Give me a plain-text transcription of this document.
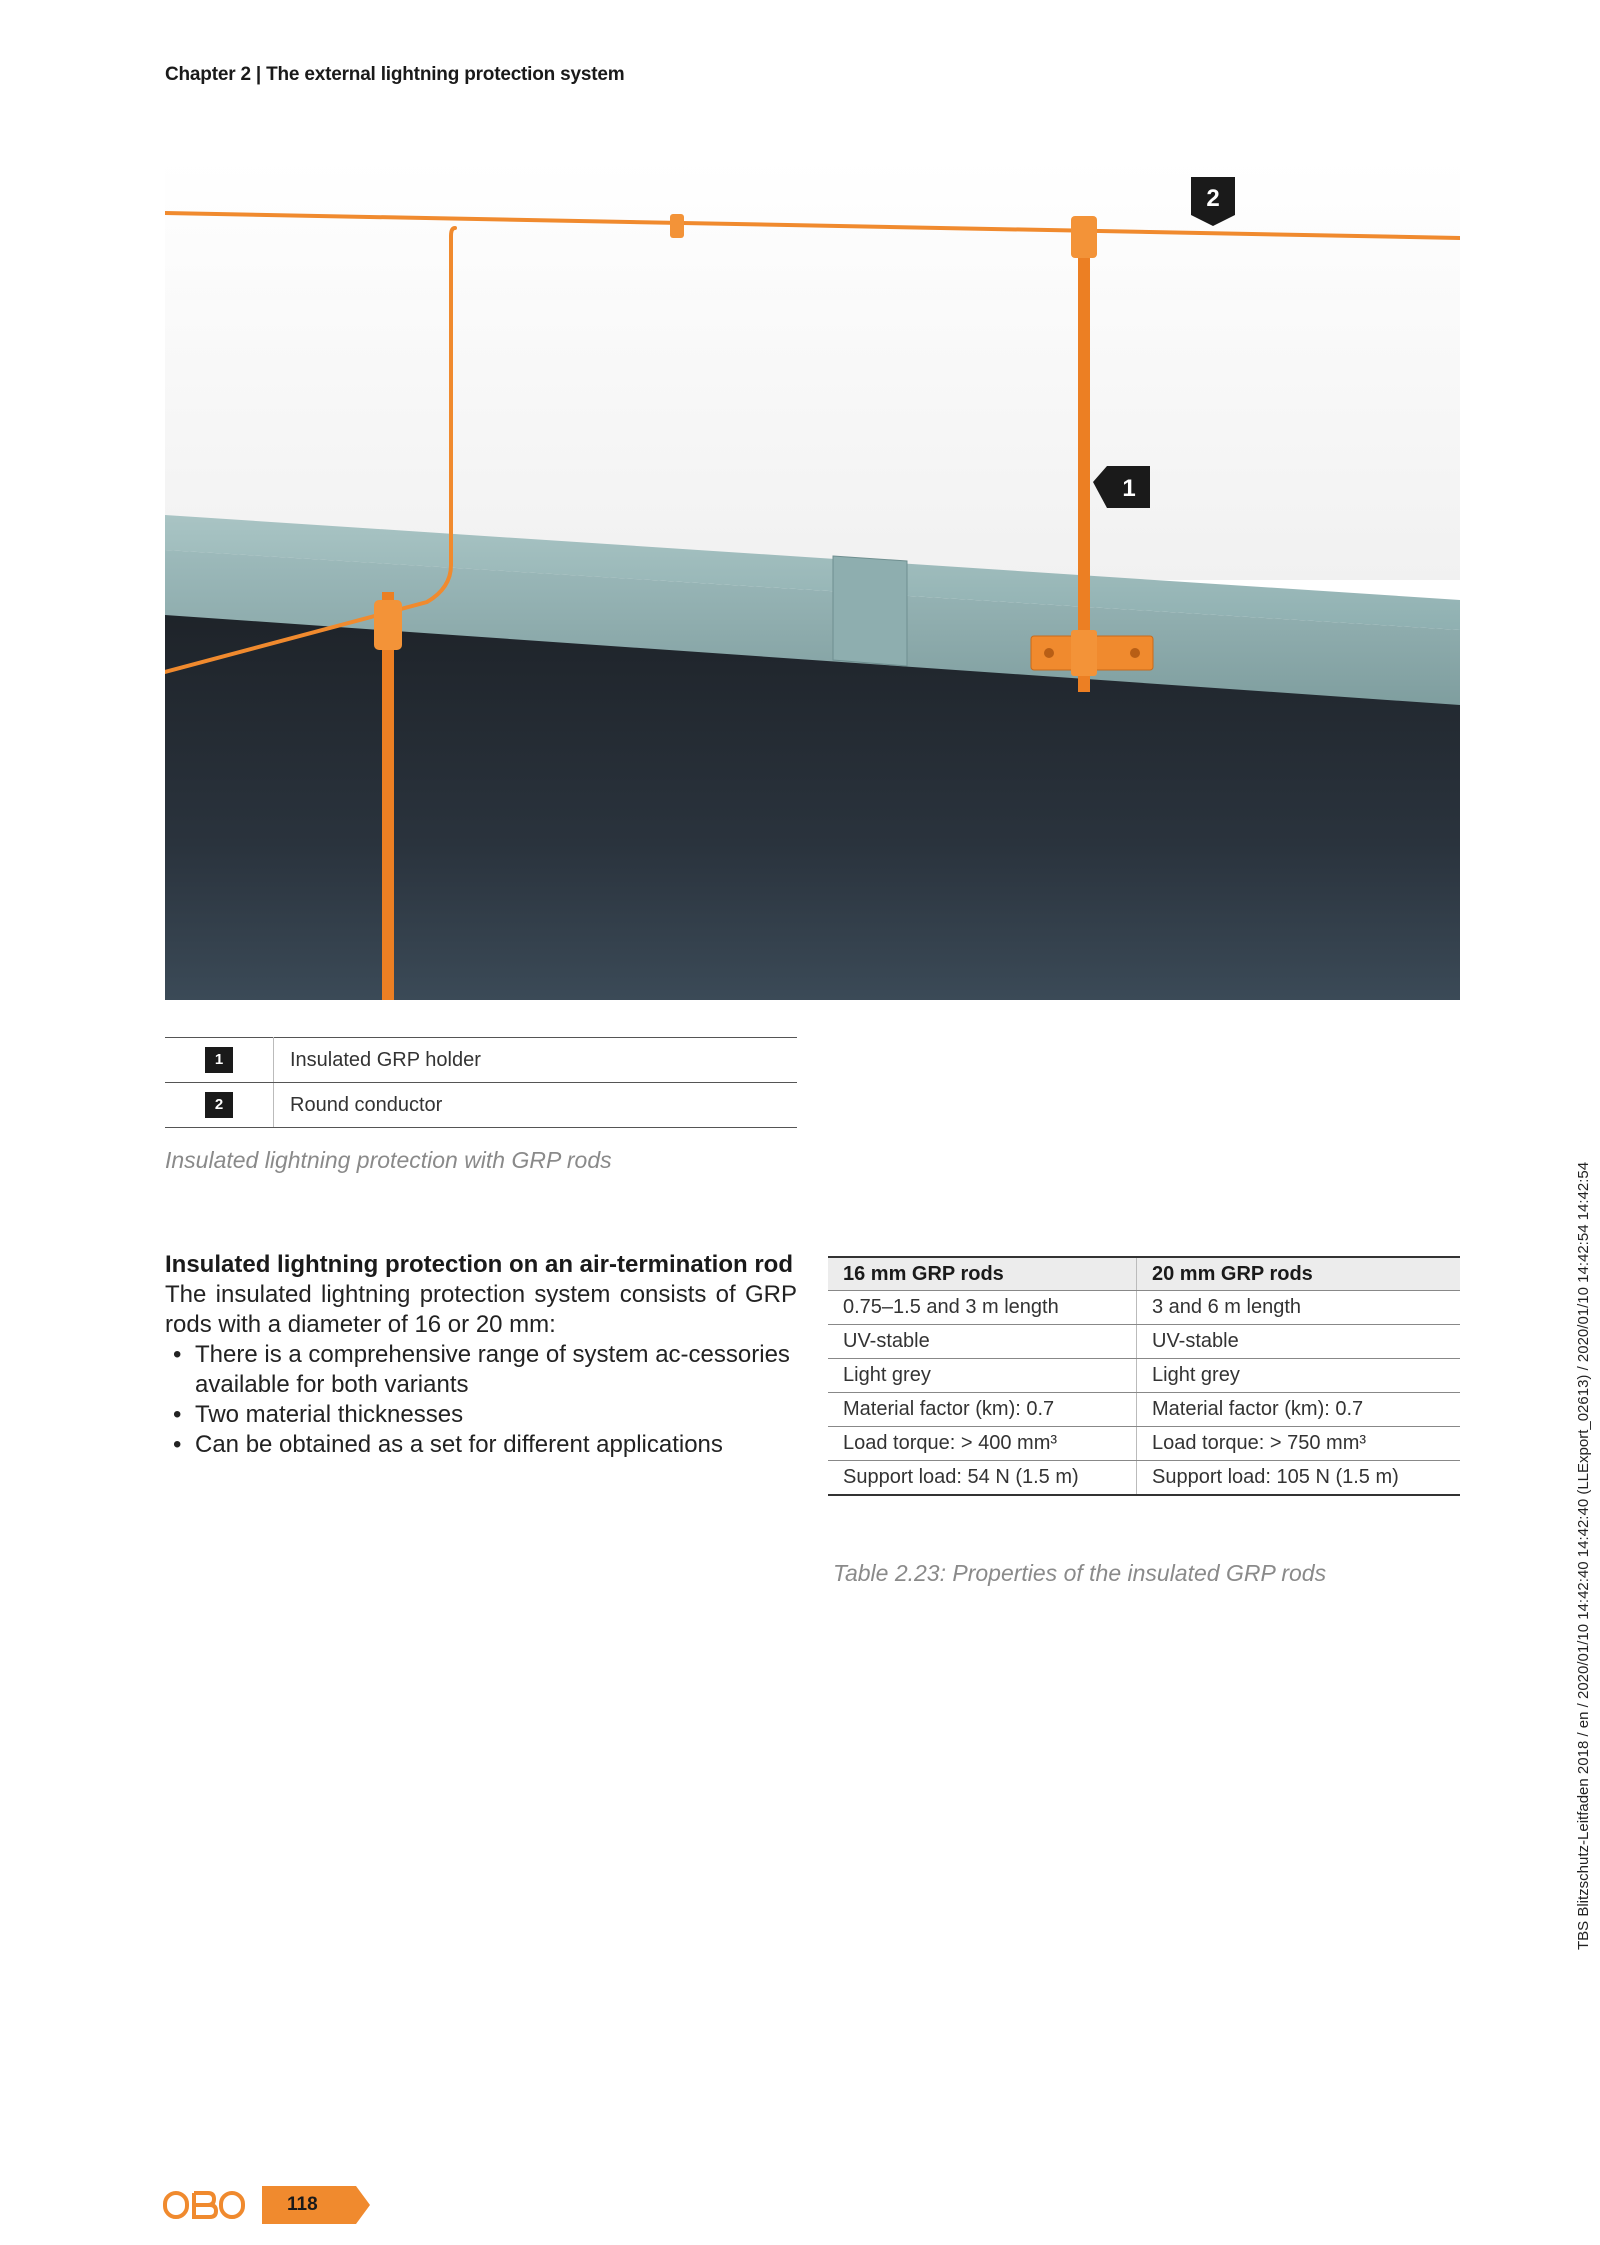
Chapter 2 | The external lightning protection system
1
2
1	Insulated GRP holder
2	Round conductor
Insulated lightning protection with GRP rods
Insulated lightning protection on an air-termination rod
The insulated lightning protection system consists of GRP rods with a diameter of 16 or 20 mm:
• There is a comprehensive range of system ac-cessories available for both variants
• Two material thicknesses
• Can be obtained as a set for different applications
16 mm GRP rods	20 mm GRP rods
0.75–1.5 and 3 m length	3 and 6 m length
UV-stable	UV-stable
Light grey	Light grey
Material factor (km): 0.7	Material factor (km): 0.7
Load torque: > 400 mm³	Load torque: > 750 mm³
Support load: 54 N (1.5 m)	Support load: 105 N (1.5 m)
Table 2.23: Properties of the insulated GRP rods	TBS Blitzschutz-Leitfaden 2018 / en / 2020/01/10 14:42:40 14:42:40 (LLExport_02613) / 2020/01/10 14:42:54 14:42:54
118
